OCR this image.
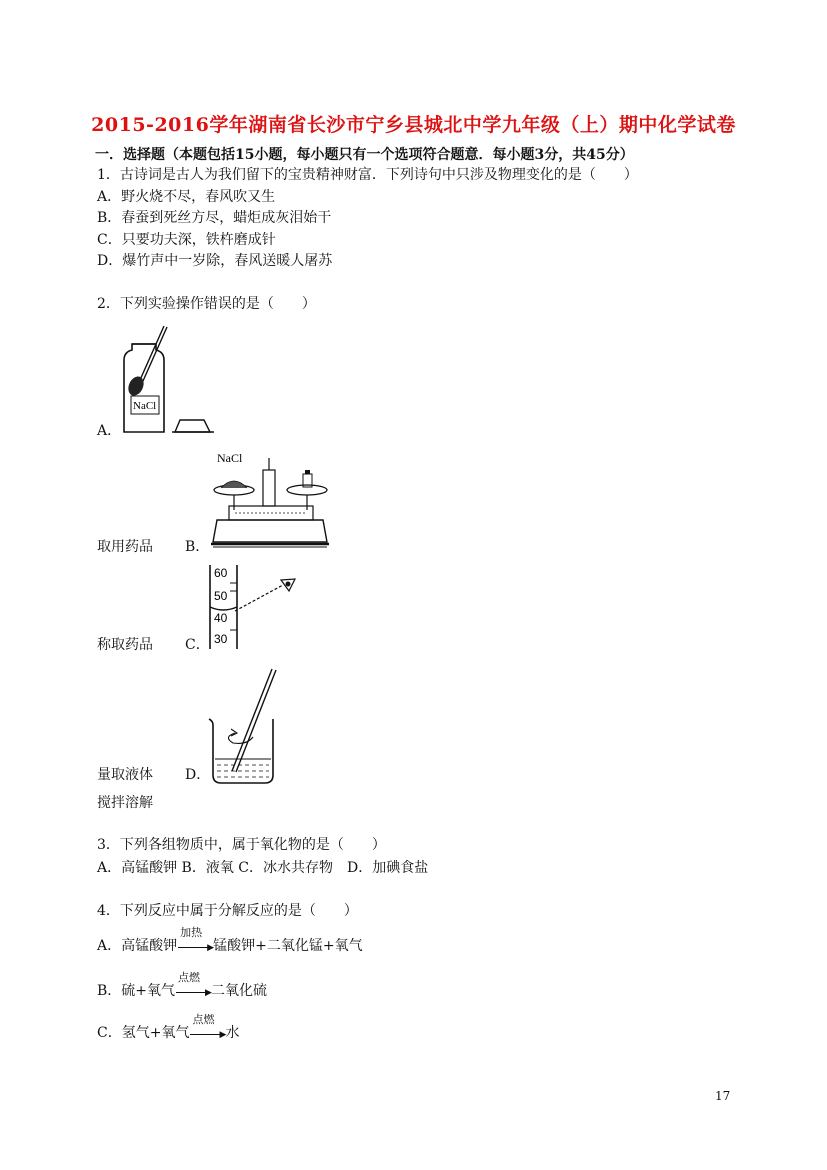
2015-2016学年湖南省长沙市宁乡县城北中学九年级（上）期中化学试卷
一．选择题（本题包括15小题，每小题只有一个选项符合题意．每小题3分，共45分）
1．古诗词是古人为我们留下的宝贵精神财富．下列诗句中只涉及物理变化的是（　　）
A．野火烧不尽，春风吹又生
B．春蚕到死丝方尽，蜡炬成灰泪始干
C．只要功夫深，铁杵磨成针
D．爆竹声中一岁除，春风送暖人屠苏
2．下列实验操作错误的是（　　）
NaCl
A．
NaCl
取用药品 B．
60
50
40
30
称取药品 C．
量取液体 D．
搅拌溶解
3．下列各组物质中，属于氧化物的是（　　）
A．高锰酸钾 B．液氧 C．冰水共存物　D．加碘食盐
4．下列反应中属于分解反应的是（　　）
A．高锰酸钾
加热
▶ 锰酸钾+二氧化锰+氧气
B．硫+氧气
点燃
▶ 二氧化硫
C．氢气+氧气
点燃
▶ 水
17
